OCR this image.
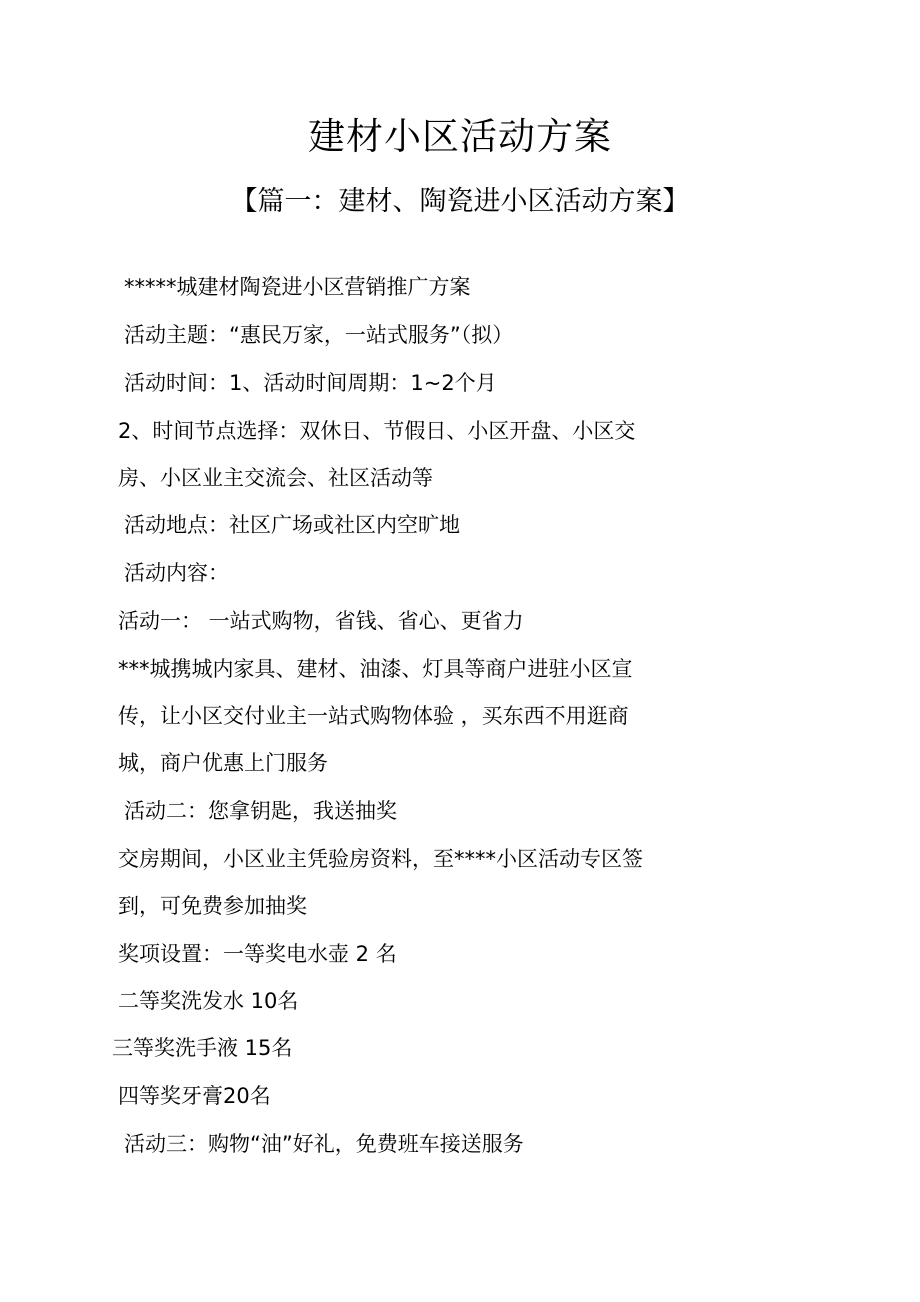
建材小区活动方案
【篇一：建材、陶瓷进小区活动方案】

*****城建材陶瓷进小区营销推广方案

活动主题：“惠民万家，一站式服务”（拟）

活动时间：1、活动时间周期：1~2个月

2、时间节点选择：双休日、节假日、小区开盘、小区交

房、小区业主交流会、社区活动等

活动地点：社区广场或社区内空旷地

活动内容：

活动一： 一站式购物，省钱、省心、更省力

***城携城内家具、建材、油漆、灯具等商户进驻小区宣

传，让小区交付业主一站式购物体验 ，买东西不用逛商

城，商户优惠上门服务

活动二：您拿钥匙，我送抽奖

交房期间，小区业主凭验房资料，至****小区活动专区签

到，可免费参加抽奖

奖项设置：一等奖电水壶 2 名

二等奖洗发水 10名

三等奖洗手液 15名

四等奖牙膏20名

活动三：购物“油”好礼，免费班车接送服务
